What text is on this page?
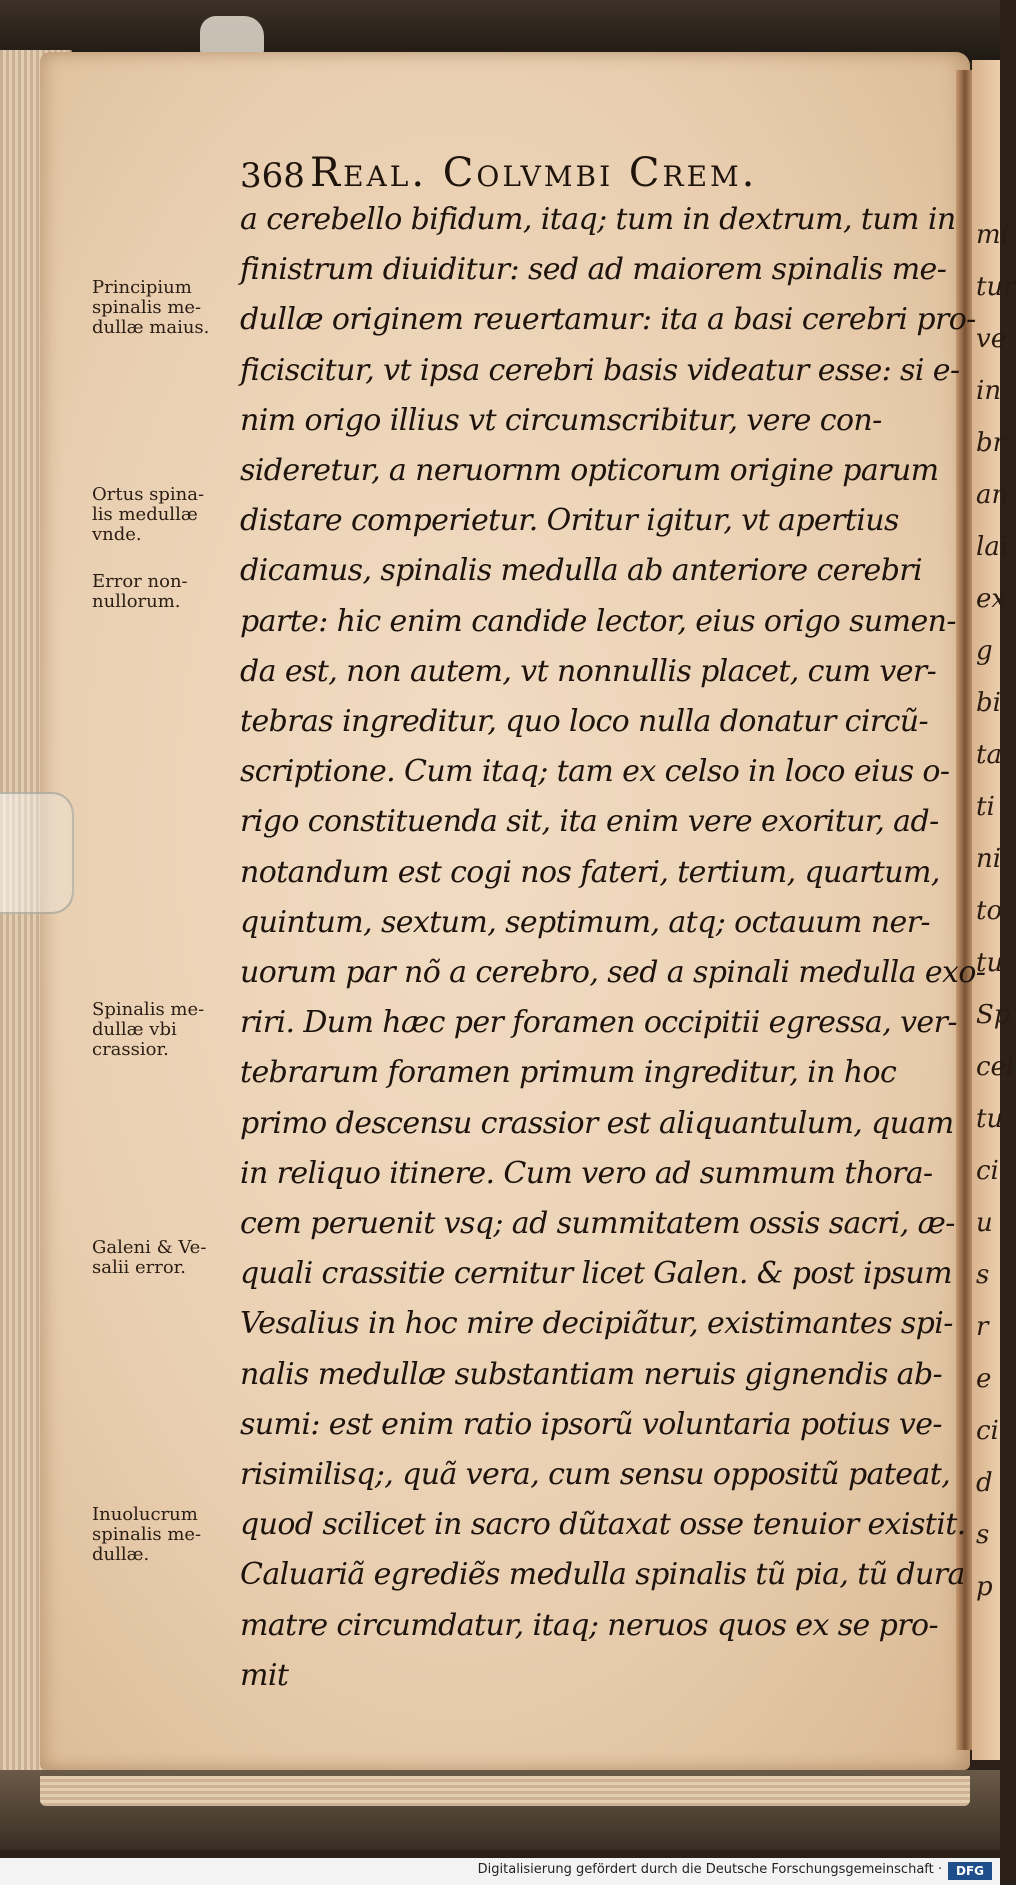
mi
tur
ve
in
br
an
lai
ex
g
bi
ta
ti
ni
to
tu
Sp
cel
tu
ci
u
s
r
e
ci
d
s
p
368 Real. Colvmbi Crem.
a cerebello bifidum, itaq; tum in dextrum, tum in
finistrum diuiditur: sed ad maiorem spinalis me-
dullæ originem reuertamur: ita a basi cerebri pro-
ficiscitur, vt ipsa cerebri basis videatur esse: si e-
nim origo illius vt circumscribitur, vere con-
sideretur, a neruornm opticorum origine parum
distare comperietur. Oritur igitur, vt apertius
dicamus, spinalis medulla ab anteriore cerebri
parte: hic enim candide lector, eius origo sumen-
da est, non autem, vt nonnullis placet, cum ver-
tebras ingreditur, quo loco nulla donatur circũ-
scriptione. Cum itaq; tam ex celso in loco eius o-
rigo constituenda sit, ita enim vere exoritur, ad-
notandum est cogi nos fateri, tertium, quartum,
quintum, sextum, septimum, atq; octauum ner-
uorum par nõ a cerebro, sed a spinali medulla exo-
riri. Dum hæc per foramen occipitii egressa, ver-
tebrarum foramen primum ingreditur, in hoc
primo descensu crassior est aliquantulum, quam
in reliquo itinere. Cum vero ad summum thora-
cem peruenit vsq; ad summitatem ossis sacri, æ-
quali crassitie cernitur licet Galen. & post ipsum
Vesalius in hoc mire decipiãtur, existimantes spi-
nalis medullæ substantiam neruis gignendis ab-
sumi: est enim ratio ipsorũ voluntaria potius ve-
risimilisq;, quã vera, cum sensu oppositũ pateat,
quod scilicet in sacro dũtaxat osse tenuior existit.
Caluariã egrediẽs medulla spinalis tũ pia, tũ dura
matre circumdatur, itaq; neruos quos ex se pro-
mit
Principium
spinalis me-
dullæ maius.
Ortus spina-
lis medullæ
vnde.
Error non-
nullorum.
Spinalis me-
dullæ vbi
crassior.
Galeni & Ve-
salii error.
Inuolucrum
spinalis me-
dullæ.
Digitalisierung gefördert durch die Deutsche Forschungsgemeinschaft ·	DFG
